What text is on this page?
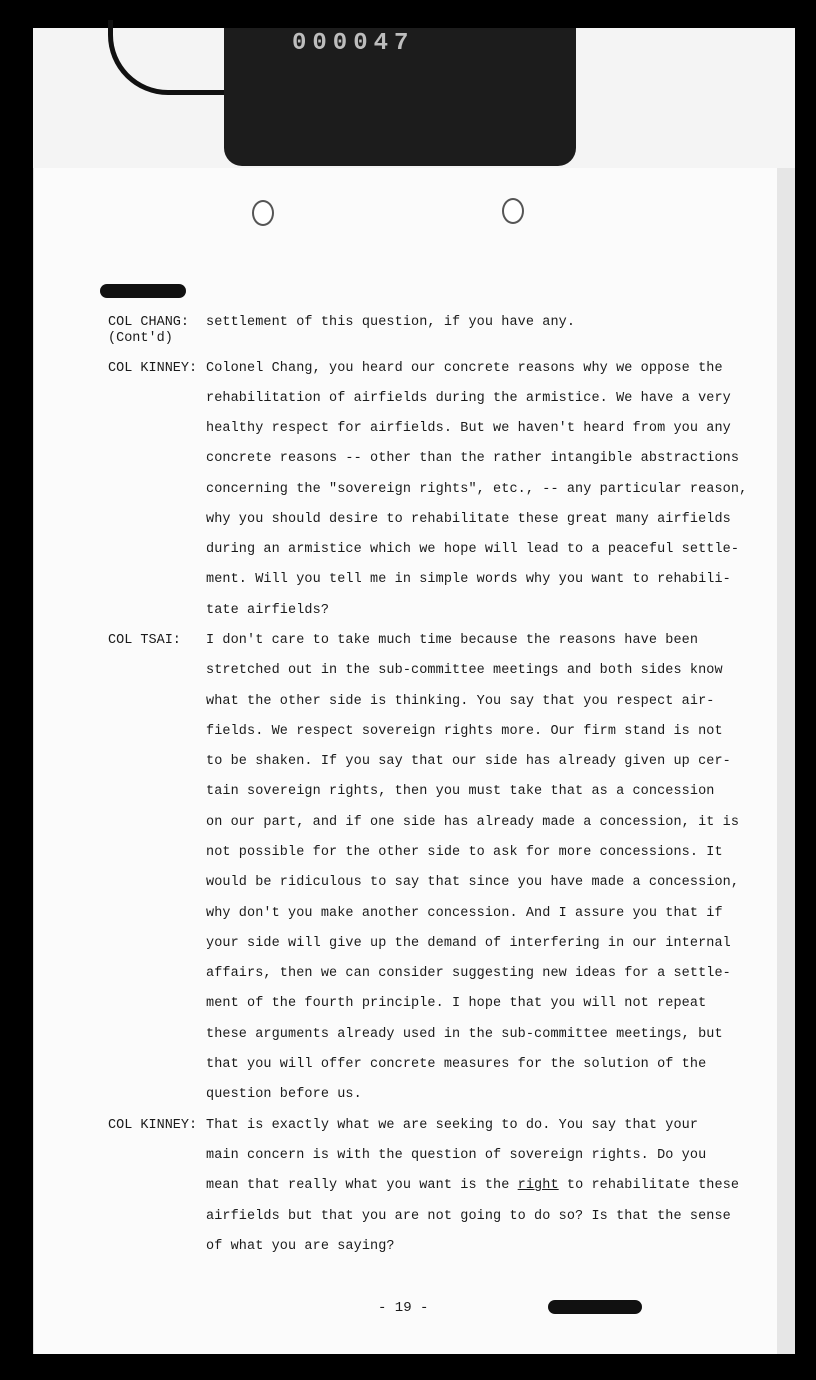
000047
COL CHANG:
(Cont'd)
settlement of this question, if you have any.
COL KINNEY: Colonel Chang, you heard our concrete reasons why we oppose the
rehabilitation of airfields during the armistice. We have a very
healthy respect for airfields. But we haven't heard from you any
concrete reasons -- other than the rather intangible abstractions
concerning the "sovereign rights", etc., -- any particular reason,
why you should desire to rehabilitate these great many airfields
during an armistice which we hope will lead to a peaceful settle-
ment. Will you tell me in simple words why you want to rehabili-
tate airfields?
COL TSAI: I don't care to take much time because the reasons have been
stretched out in the sub-committee meetings and both sides know
what the other side is thinking. You say that you respect air-
fields. We respect sovereign rights more. Our firm stand is not
to be shaken. If you say that our side has already given up cer-
tain sovereign rights, then you must take that as a concession
on our part, and if one side has already made a concession, it is
not possible for the other side to ask for more concessions. It
would be ridiculous to say that since you have made a concession,
why don't you make another concession. And I assure you that if
your side will give up the demand of interfering in our internal
affairs, then we can consider suggesting new ideas for a settle-
ment of the fourth principle. I hope that you will not repeat
these arguments already used in the sub-committee meetings, but
that you will offer concrete measures for the solution of the
question before us.
COL KINNEY: That is exactly what we are seeking to do. You say that your
main concern is with the question of sovereign rights. Do you
mean that really what you want is the right to rehabilitate these
airfields but that you are not going to do so? Is that the sense
of what you are saying?
- 19 -
